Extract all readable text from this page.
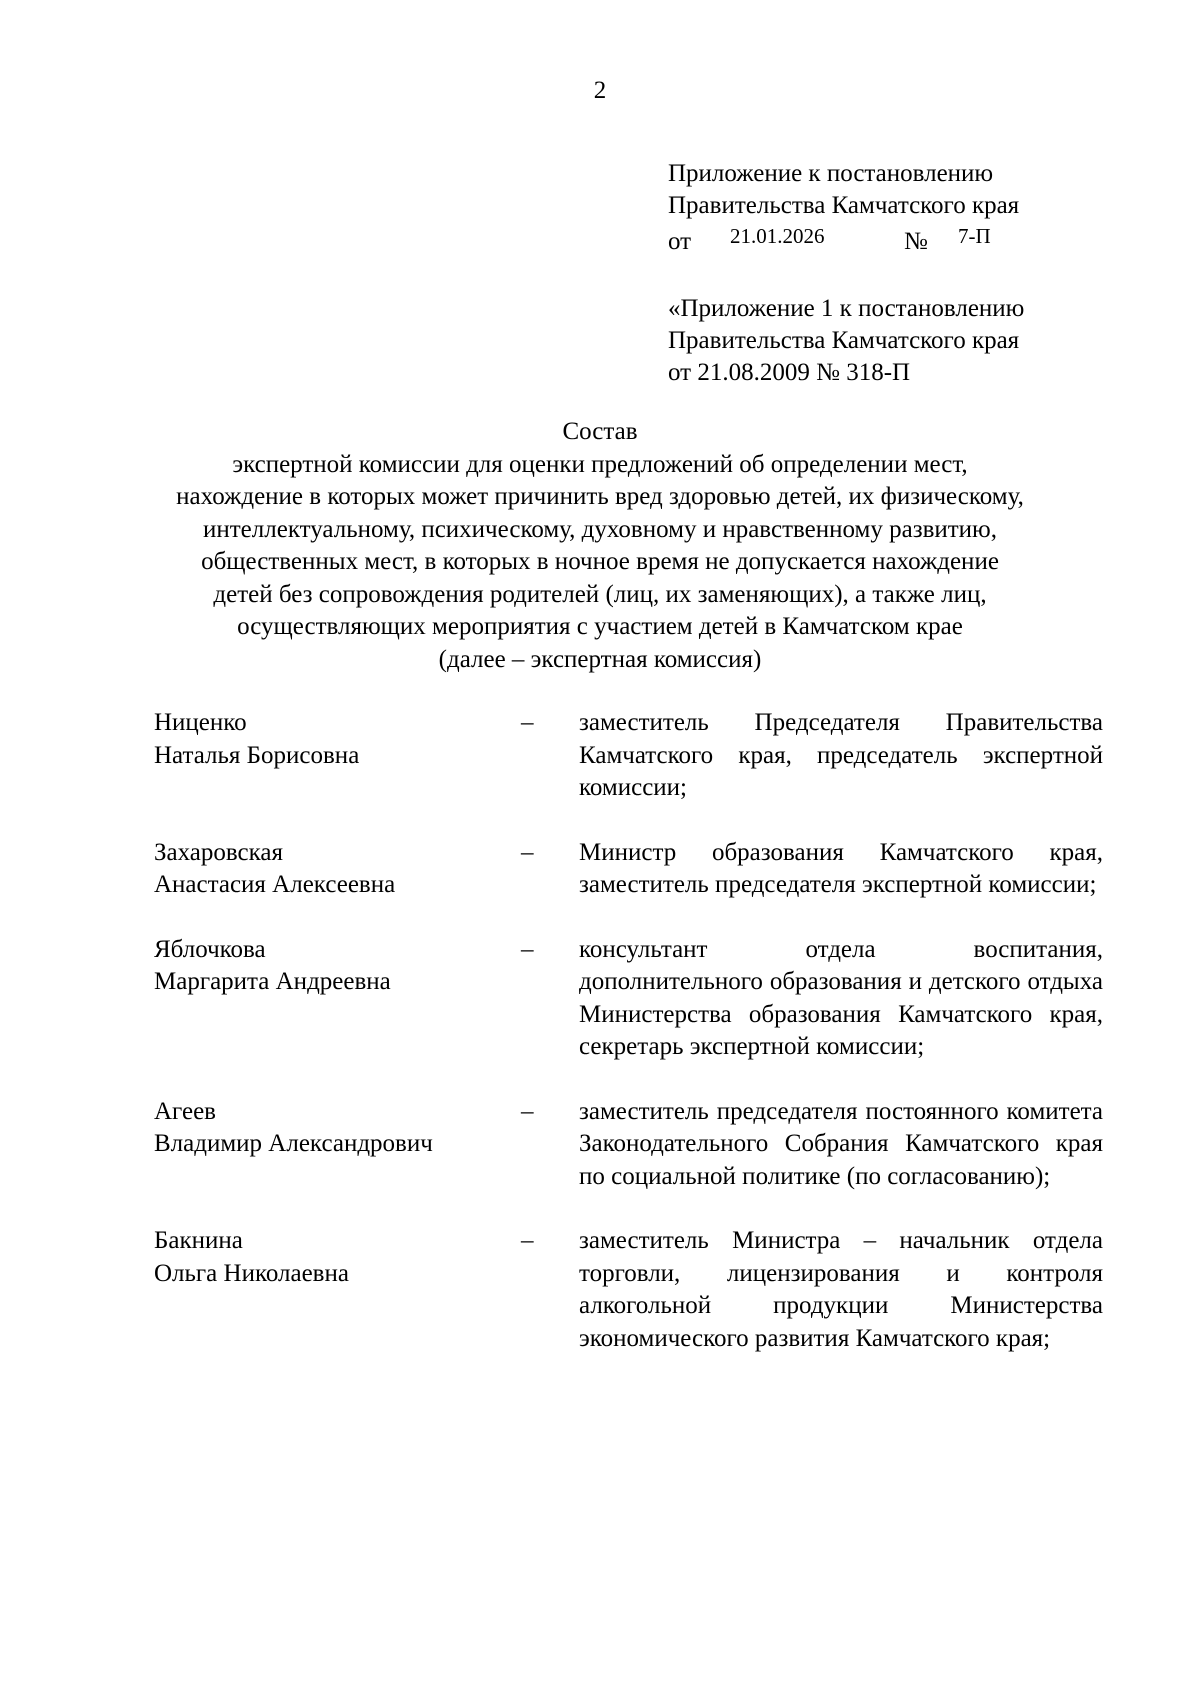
2
Приложение к постановлению
Правительства Камчатского края
от 21.01.2026	№ 7-П
«Приложение 1 к постановлению
Правительства Камчатского края
от 21.08.2009 № 318-П
Состав
экспертной комиссии для оценки предложений об определении мест,
нахождение в которых может причинить вред здоровью детей, их физическому,
интеллектуальному, психическому, духовному и нравственному развитию,
общественных мест, в которых в ночное время не допускается нахождение
детей без сопровождения родителей (лиц, их заменяющих), а также лиц,
осуществляющих мероприятия с участием детей в Камчатском крае
(далее – экспертная комиссия)
Ниценко
Наталья Борисовна
– заместитель Председателя Правительства Камчатского края, председатель экспертной комиссии;
Захаровская
Анастасия Алексеевна
– Министр образования Камчатского края, заместитель председателя экспертной комиссии;
Яблочкова
Маргарита Андреевна
– консультант отдела воспитания, дополнительного образования и детского отдыха Министерства образования Камчатского края, секретарь экспертной комиссии;
Агеев
Владимир Александрович
– заместитель председателя постоянного комитета Законодательного Собрания Камчатского края по социальной политике (по согласованию);
Бакнина
Ольга Николаевна
– заместитель Министра – начальник отдела торговли, лицензирования и контроля алкогольной продукции Министерства экономического развития Камчатского края;
